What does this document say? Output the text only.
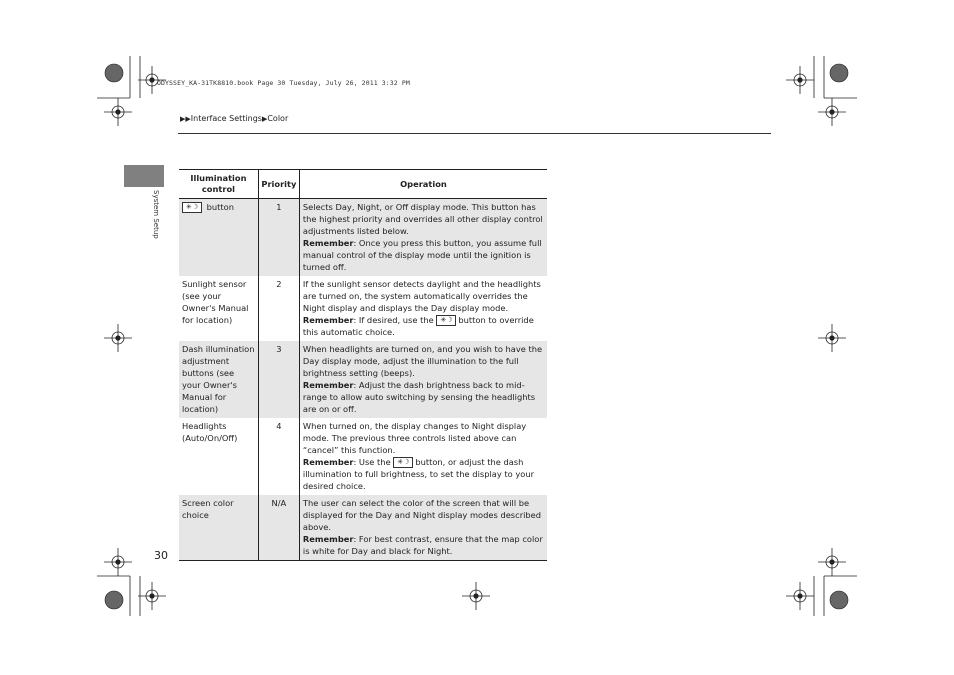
ODYSSEY_KA-31TK8810.book Page 30 Tuesday, July 26, 2011 3:32 PM
▶▶Interface Settings▶Color
System Setup
Illumination control	Priority	Operation
✳☽ button	1	Selects Day, Night, or Off display mode. This button has the highest priority and overrides all other display control adjustments listed below.
Remember: Once you press this button, you assume full manual control of the display mode until the ignition is turned off.
Sunlight sensor (see your Owner's Manual for location)	2	If the sunlight sensor detects daylight and the headlights are turned on, the system automatically overrides the Night display and displays the Day display mode.
Remember: If desired, use the ✳☽ button to override this automatic choice.
Dash illumination adjustment buttons (see your Owner's Manual for location)	3	When headlights are turned on, and you wish to have the Day display mode, adjust the illumination to the full brightness setting (beeps).
Remember: Adjust the dash brightness back to mid-range to allow auto switching by sensing the headlights are on or off.
Headlights (Auto/On/Off)	4	When turned on, the display changes to Night display mode. The previous three controls listed above can “cancel” this function.
Remember: Use the ✳☽ button, or adjust the dash illumination to full brightness, to set the display to your desired choice.
Screen color choice	N/A	The user can select the color of the screen that will be displayed for the Day and Night display modes described above.
Remember: For best contrast, ensure that the map color is white for Day and black for Night.
30
